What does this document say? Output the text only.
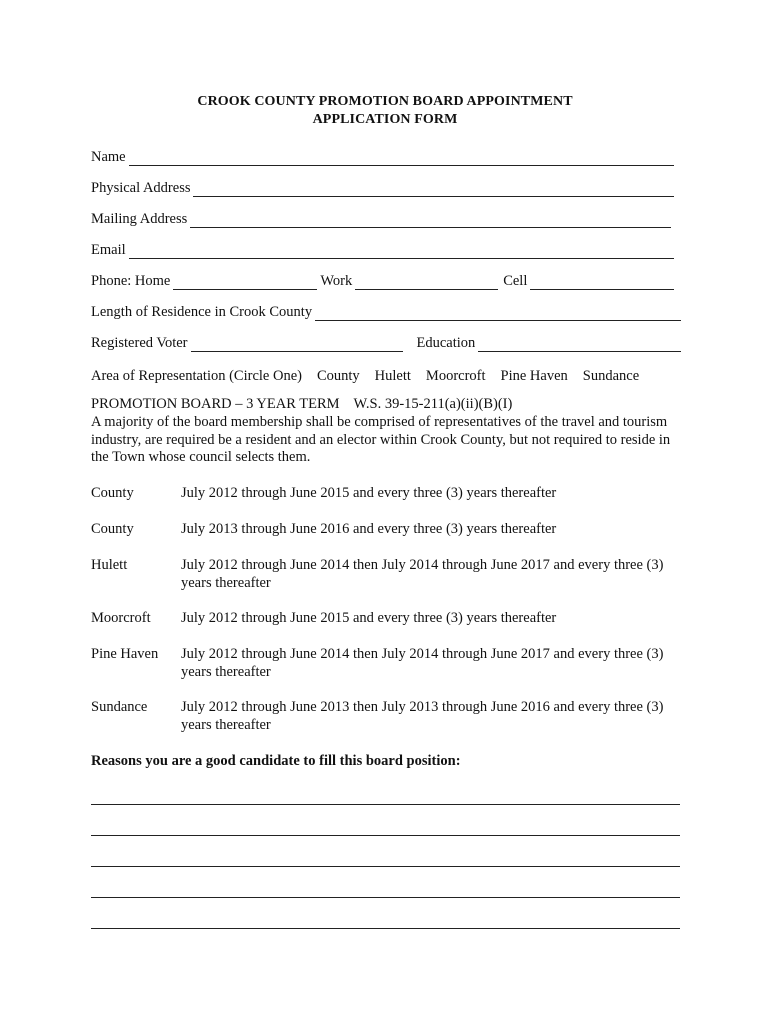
CROOK COUNTY PROMOTION BOARD APPOINTMENT
APPLICATION FORM
Name
Physical Address
Mailing Address
Email
Phone: Home	Work	Cell
Length of Residence in Crook County
Registered Voter	Education
Area of Representation (Circle One) County Hulett Moorcroft Pine Haven Sundance
PROMOTION BOARD – 3 YEAR TERM W.S. 39-15-211(a)(ii)(B)(I)
A majority of the board membership shall be comprised of representatives of the travel and tourism industry, are required be a resident and an elector within Crook County, but not required to reside in the Town whose council selects them.
County	July 2012 through June 2015 and every three (3) years thereafter
County	July 2013 through June 2016 and every three (3) years thereafter
Hulett	July 2012 through June 2014 then July 2014 through June 2017 and every three (3) years thereafter
Moorcroft July 2012 through June 2015 and every three (3) years thereafter
Pine Haven July 2012 through June 2014 then July 2014 through June 2017 and every three (3) years thereafter
Sundance July 2012 through June 2013 then July 2013 through June 2016 and every three (3) years thereafter
Reasons you are a good candidate to fill this board position:
